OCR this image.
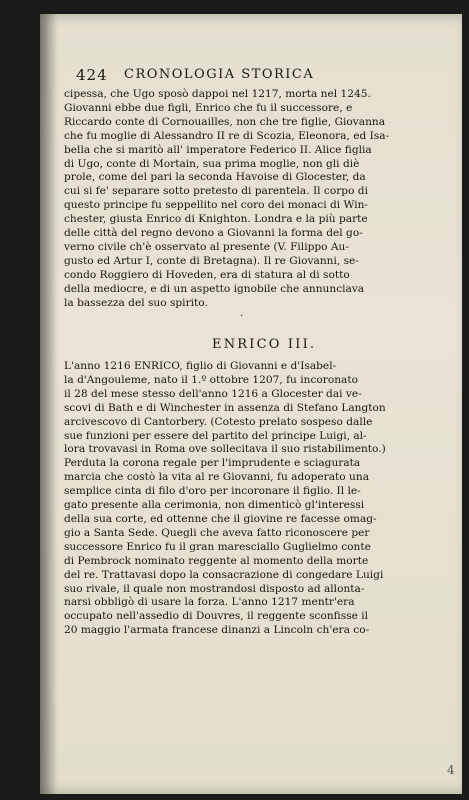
424 CRONOLOGIA STORICA
cipessa, che Ugo sposò dappoi nel 1217, morta nel 1245.
Giovanni ebbe due figli, Enrico che fu il successore, e
Riccardo conte di Cornouailles, non che tre figlie, Giovanna
che fu moglie di Alessandro II re di Scozia, Eleonora, ed Isa-
bella che si maritò all' imperatore Federico II. Alice figlia
di Ugo, conte di Mortain, sua prima moglie, non gli diè
prole, come del pari la seconda Havoise di Glocester, da
cui si fe' separare sotto pretesto di parentela. Il corpo di
questo principe fu seppellito nel coro dei monaci di Win-
chester, giusta Enrico di Knighton. Londra e la più parte
delle città del regno devono a Giovanni la forma del go-
verno civile ch'è osservato al presente (V. Filippo Au-
gusto ed Artur I, conte di Bretagna). Il re Giovanni, se-
condo Roggiero di Hoveden, era di statura al di sotto
della mediocre, e di un aspetto ignobile che annunciava
la bassezza del suo spirito.
·
ENRICO III.
L'anno 1216 ENRICO, figlio di Giovanni e d'Isabel-
la d'Angouleme, nato il 1.º ottobre 1207, fu incoronato
il 28 del mese stesso dell'anno 1216 a Glocester dai ve-
scovi di Bath e di Winchester in assenza di Stefano Langton
arcivescovo di Cantorbery. (Cotesto prelato sospeso dalle
sue funzioni per essere del partito del principe Luigi, al-
lora trovavasi in Roma ove sollecitava il suo ristabilimento.)
Perduta la corona regale per l'imprudente e sciagurata
marcia che costò la vita al re Giovanni, fu adoperato una
semplice cinta di filo d'oro per incoronare il figlio. Il le-
gato presente alla cerimonia, non dimenticò gl'interessi
della sua corte, ed ottenne che il giovine re facesse omag-
gio a Santa Sede. Quegli che aveva fatto riconoscere per
successore Enrico fu il gran maresciallo Guglielmo conte
di Pembrock nominato reggente al momento della morte
del re. Trattavasi dopo la consacrazione di congedare Luigi
suo rivale, il quale non mostrandosi disposto ad allonta-
narsi obbligò di usare la forza. L'anno 1217 mentr'era
occupato nell'assedio di Douvres, il reggente sconfisse il
20 maggio l'armata francese dinanzi a Lincoln ch'era co-
4
